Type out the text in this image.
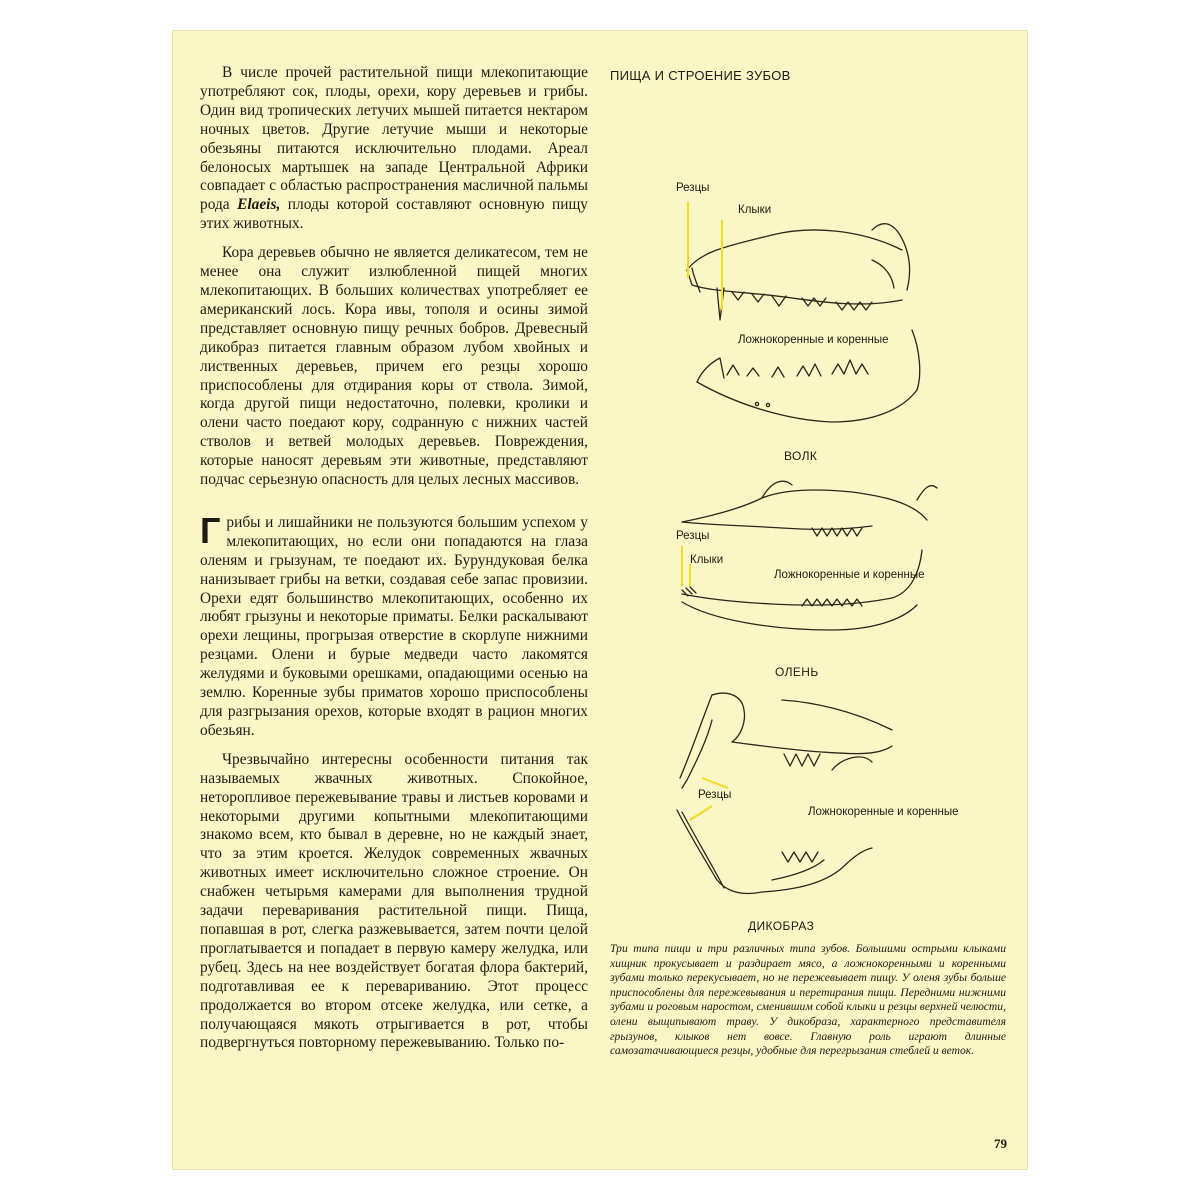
В числе прочей растительной пищи млекопитающие употребляют сок, плоды, орехи, кору деревьев и грибы. Один вид тропических летучих мышей питается нектаром ночных цветов. Другие летучие мыши и некоторые обезьяны питаются исключительно плодами. Ареал белоносых мартышек на западе Центральной Африки совпадает с областью распространения масличной пальмы рода Elaeis, плоды которой составляют основную пищу этих животных.

Кора деревьев обычно не является деликатесом, тем не менее она служит излюбленной пищей многих млекопитающих. В больших количествах употребляет ее американский лось. Кора ивы, тополя и осины зимой представляет основную пищу речных бобров. Древесный дикобраз питается главным образом лубом хвойных и лиственных деревьев, причем его резцы хорошо приспособлены для отдирания коры от ствола. Зимой, когда другой пищи недостаточно, полевки, кролики и олени часто поедают кору, содранную с нижних частей стволов и ветвей молодых деревьев. Повреждения, которые наносят деревьям эти животные, представляют подчас серьезную опасность для целых лесных массивов.

Грибы и лишайники не пользуются большим успехом у млекопитающих, но если они попадаются на глаза оленям и грызунам, те поедают их. Бурундуковая белка нанизывает грибы на ветки, создавая себе запас провизии. Орехи едят большинство млекопитающих, особенно их любят грызуны и некоторые приматы. Белки раскалывают орехи лещины, прогрызая отверстие в скорлупе нижними резцами. Олени и бурые медведи часто лакомятся желудями и буковыми орешками, опадающими осенью на землю. Коренные зубы приматов хорошо приспособлены для разгрызания орехов, которые входят в рацион многих обезьян.

Чрезвычайно интересны особенности питания так называемых жвачных животных. Спокойное, неторопливое пережевывание травы и листьев коровами и некоторыми другими копытными млекопитающими знакомо всем, кто бывал в деревне, но не каждый знает, что за этим кроется. Желудок современных жвачных животных имеет исключительно сложное строение. Он снабжен четырьмя камерами для выполнения трудной задачи переваривания растительной пищи. Пища, попавшая в рот, слегка разжевывается, затем почти целой проглатывается и попадает в первую камеру желудка, или рубец. Здесь на нее воздействует богатая флора бактерий, подготавливая ее к перевариванию. Этот процесс продолжается во втором отсеке желудка, или сетке, а получающаяся мякоть отрыгивается в рот, чтобы подвергнуться повторному пережевыванию. Только по-

ПИЩА И СТРОЕНИЕ ЗУБОВ
Резцы
Клыки
Ложнокоренные и коренные
ВОЛК
Резцы
Клыки
Ложнокоренные и коренные
ОЛЕНЬ
Резцы
Ложнокоренные и коренные
ДИКОБРАЗ
Три типа пищи и три различных типа зубов. Большими острыми клыками хищник прокусывает и раздирает мясо, а ложнокоренными и коренными зубами только перекусывает, но не пережевывает пищу. У оленя зубы больше приспособлены для пережевывания и перетирания пищи. Передними нижними зубами и роговым наростом, сменившим собой клыки и резцы верхней челюсти, олени выщипывают траву. У дикобраза, характерного представителя грызунов, клыков нет вовсе. Главную роль играют длинные самозатачивающиеся резцы, удобные для перегрызания стеблей и веток.
79
